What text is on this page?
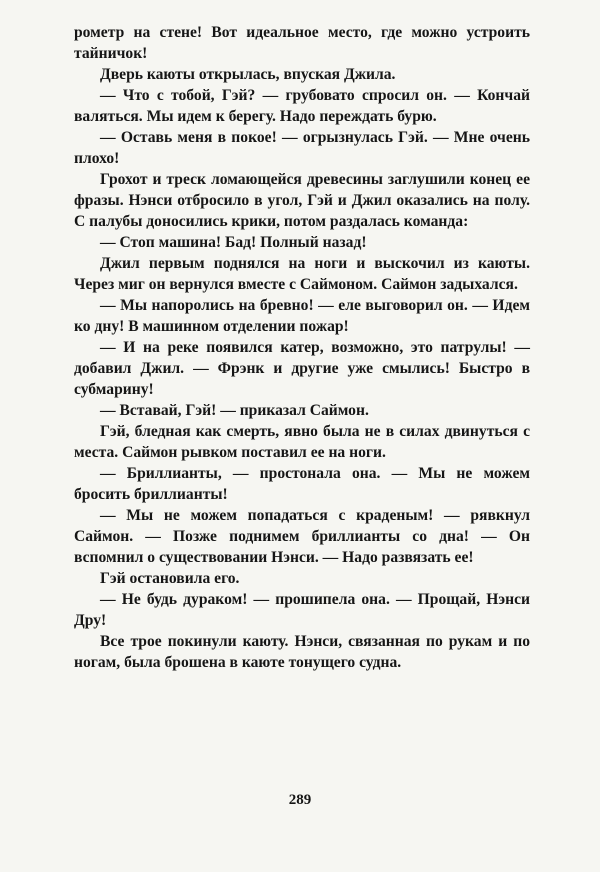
рометр на стене! Вот идеальное место, где можно устроить тайничок!

Дверь каюты открылась, впуская Джила.

— Что с тобой, Гэй? — грубовато спросил он. — Кончай валяться. Мы идем к берегу. Надо переждать бурю.

— Оставь меня в покое! — огрызнулась Гэй. — Мне очень плохо!

Грохот и треск ломающейся древесины заглушили конец ее фразы. Нэнси отбросило в угол, Гэй и Джил оказались на полу. С палубы доносились крики, потом раздалась команда:

— Стоп машина! Бад! Полный назад!

Джил первым поднялся на ноги и выскочил из каюты. Через миг он вернулся вместе с Саймоном. Саймон задыхался.

— Мы напоролись на бревно! — еле выговорил он. — Идем ко дну! В машинном отделении пожар!

— И на реке появился катер, возможно, это патрулы! — добавил Джил. — Фрэнк и другие уже смылись! Быстро в субмарину!

— Вставай, Гэй! — приказал Саймон.

Гэй, бледная как смерть, явно была не в силах двинуться с места. Саймон рывком поставил ее на ноги.

— Бриллианты, — простонала она. — Мы не можем бросить бриллианты!

— Мы не можем попадаться с краденым! — рявкнул Саймон. — Позже поднимем бриллианты со дна! — Он вспомнил о существовании Нэнси. — Надо развязать ее!

Гэй остановила его.

— Не будь дураком! — прошипела она. — Прощай, Нэнси Дру!

Все трое покинули каюту. Нэнси, связанная по рукам и по ногам, была брошена в каюте тонущего судна.

289
